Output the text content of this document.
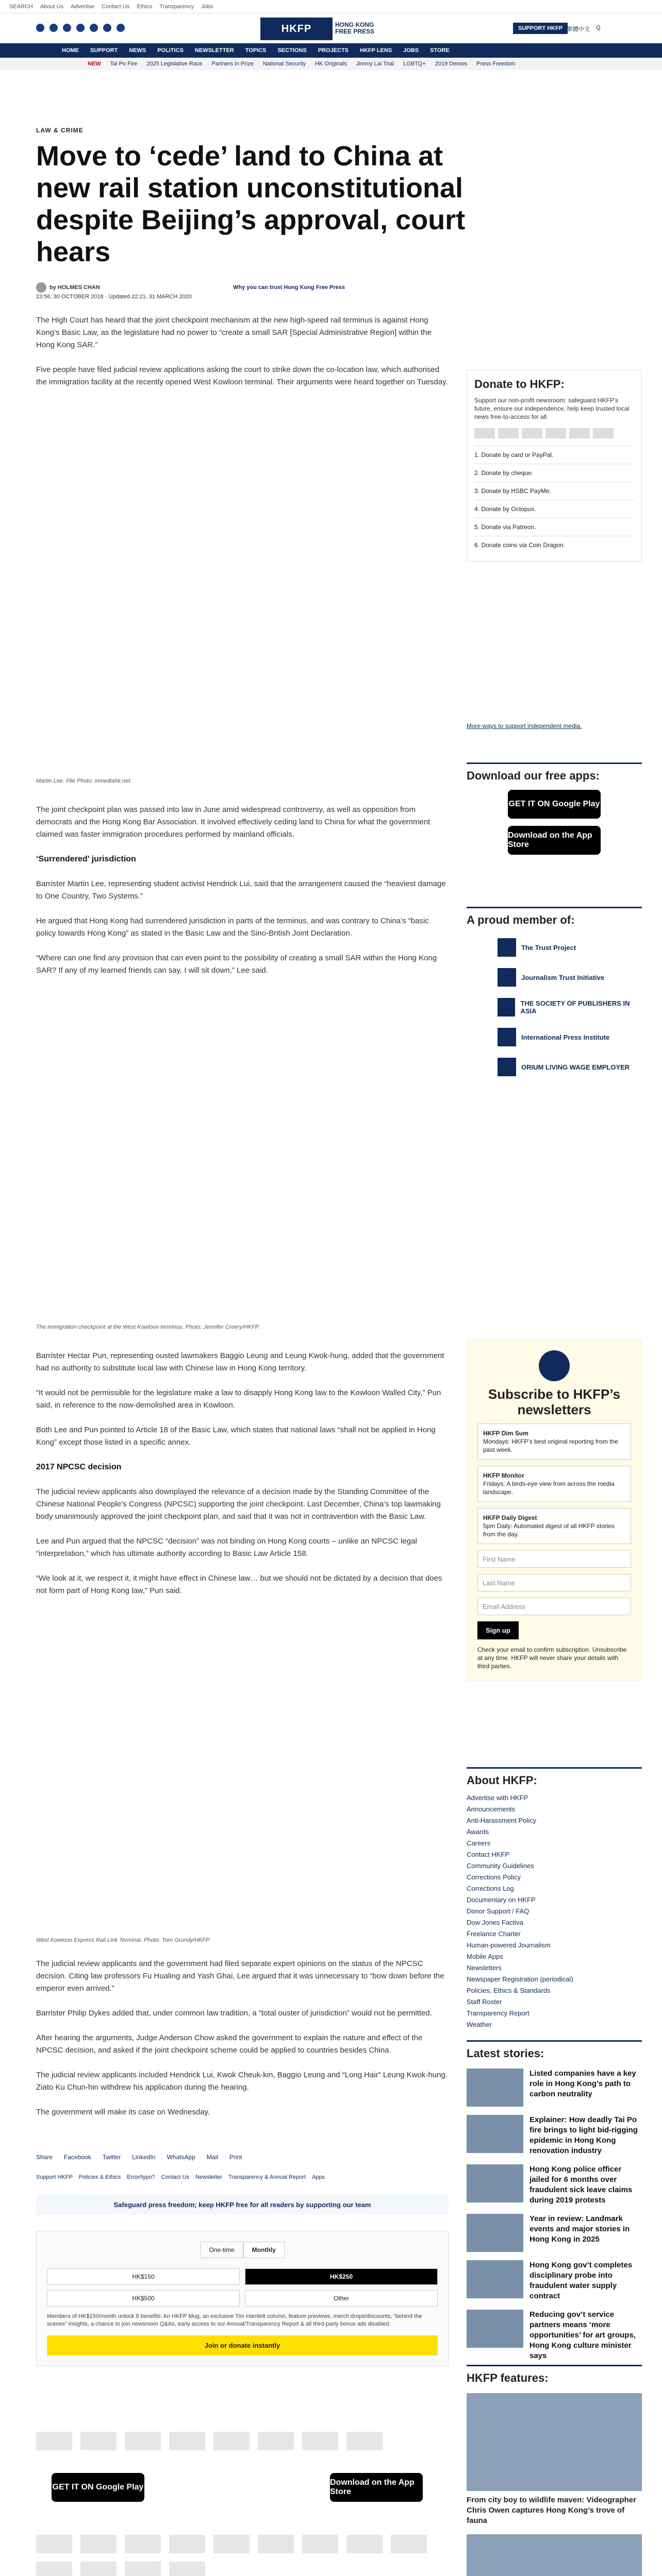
SEARCH About Us Advertise Contact Us Ethics Transparency Jobs
HKFP	HONG KONG
FREE PRESS	SUPPORT HKFP 繁體中文 Q
HOME SUPPORT NEWS POLITICS NEWSLETTER TOPICS SECTIONS PROJECTS HKFP LENS JOBS STORE
NEW Tai Po Fire 2025 Legislative Race Partners in Prize National Security HK Originals Jimmy Lai Trial LGBTQ+ 2019 Demos Press Freedom
LAW & CRIME
Move to ‘cede’ land to China at new rail station unconstitutional despite Beijing’s approval, court hears
by HOLMES CHAN
23:56, 30 OCTOBER 2018 · Updated 22:21, 31 MARCH 2020
Why you can trust Hong Kong Free Press

The High Court has heard that the joint checkpoint mechanism at the new high-speed rail terminus is against Hong Kong’s Basic Law, as the legislature had no power to “create a small SAR [Special Administrative Region] within the Hong Kong SAR.”

Five people have filed judicial review applications asking the court to strike down the co-location law, which authorised the immigration facility at the recently opened West Kowloon terminal. Their arguments were heard together on Tuesday.

Martin Lee. File Photo: inmediahk.net.

The joint checkpoint plan was passed into law in June amid widespread controversy, as well as opposition from democrats and the Hong Kong Bar Association. It involved effectively ceding land to China for what the government claimed was faster immigration procedures performed by mainland officials.

‘Surrendered’ jurisdiction

Barrister Martin Lee, representing student activist Hendrick Lui, said that the arrangement caused the “heaviest damage to One Country, Two Systems.”

He argued that Hong Kong had surrendered jurisdiction in parts of the terminus, and was contrary to China’s “basic policy towards Hong Kong” as stated in the Basic Law and the Sino-British Joint Declaration.

“Where can one find any provision that can even point to the possibility of creating a small SAR within the Hong Kong SAR? If any of my learned friends can say, I will sit down,” Lee said.

The immigration checkpoint at the West Kowloon terminus. Photo: Jennifer Creery/HKFP.

Barrister Hectar Pun, representing ousted lawmakers Baggio Leung and Leung Kwok-hung, added that the government had no authority to substitute local law with Chinese law in Hong Kong territory.

“It would not be permissible for the legislature make a law to disapply Hong Kong law to the Kowloon Walled City,” Pun said, in reference to the now-demolished area in Kowloon.

Both Lee and Pun pointed to Article 18 of the Basic Law, which states that national laws “shall not be applied in Hong Kong” except those listed in a specific annex.

2017 NPCSC decision

The judicial review applicants also downplayed the relevance of a decision made by the Standing Committee of the Chinese National People’s Congress (NPCSC) supporting the joint checkpoint. Last December, China’s top lawmaking body unanimously approved the joint checkpoint plan, and said that it was not in contravention with the Basic Law.

Lee and Pun argued that the NPCSC “decision” was not binding on Hong Kong courts – unlike an NPCSC legal “interpretation,” which has ultimate authority according to Basic Law Article 158.

“We look at it, we respect it, it might have effect in Chinese law… but we should not be dictated by a decision that does not form part of Hong Kong law,” Pun said.

West Kowloon Express Rail Link Terminal. Photo: Tom Grundy/HKFP.

The judicial review applicants and the government had filed separate expert opinions on the status of the NPCSC decision. Citing law professors Fu Hualing and Yash Ghai, Lee argued that it was unnecessary to “bow down before the emperor even arrived.”

Barrister Philip Dykes added that, under common law tradition, a “total ouster of jurisdiction” would not be permitted.

After hearing the arguments, Judge Anderson Chow asked the government to explain the nature and effect of the NPCSC decision, and asked if the joint checkpoint scheme could be applied to countries besides China.

The judicial review applicants included Hendrick Lui, Kwok Cheuk-kin, Baggio Leung and “Long Hair” Leung Kwok-hung. Ziato Ku Chun-hin withdrew his application during the hearing.

The government will make its case on Wednesday.

Share Facebook Twitter LinkedIn WhatsApp Mail Print
Support HKFP Policies & Ethics Error/typo? Contact Us Newsletter Transparency & Annual Report Apps
Safeguard press freedom; keep HKFP free for all readers by supporting our team
One-time	Monthly
HK$150	HK$250
HK$500	Other
Members of HK$150/month unlock 8 benefits: An HKFP Mug, an exclusive Tim Hamlett column, feature previews, merch drops/discounts, “behind the scenes” insights, a chance to join newsroom Q&As, early access to our Annual/Transparency Report & all third-party bonus ads disabled.
Join or donate instantly
GET IT ON Google Play
Download on the App Store
Donate to HKFP:

Support our non-profit newsroom: safeguard HKFP’s future, ensure our independence, help keep trusted local news free-to-access for all.

1. Donate by card or PayPal.
2. Donate by cheque.
3. Donate by HSBC PayMe.
4. Donate by Octopus.
5. Donate via Patreon.
6. Donate coins via Coin Dragon.
More ways to support independent media.
Download our free apps:
GET IT ON Google Play
Download on the App Store
A proud member of:
The Trust Project
Journalism Trust Initiative
THE SOCIETY OF PUBLISHERS IN ASIA
International Press Institute
ORIUM LIVING WAGE EMPLOYER
Subscribe to HKFP’s newsletters
HKFP Dim Sum
Mondays: HKFP’s best original reporting from the past week.
HKFP Monitor
Fridays: A birds-eye view from across the media landscape.
HKFP Daily Digest
5pm Daily: Automated digest of all HKFP stories from the day.
First Name
Last Name
Email Address
Sign up

Check your email to confirm subscription. Unsubscribe at any time. HKFP will never share your details with third parties.

About HKFP:
Advertise with HKFP
Announcements
Anti-Harassment Policy
Awards
Careers
Contact HKFP
Community Guidelines
Corrections Policy
Corrections Log
Documentary on HKFP
Donor Support / FAQ
Dow Jones Factiva
Freelance Charter
Human-powered Journalism
Mobile Apps
Newsletters
Newspaper Registration (periodical)
Policies, Ethics & Standards
Staff Roster
Transparency Report
Weather
Latest stories:
Listed companies have a key role in Hong Kong’s path to carbon neutrality
Explainer: How deadly Tai Po fire brings to light bid-rigging epidemic in Hong Kong renovation industry
Hong Kong police officer jailed for 6 months over fraudulent sick leave claims during 2019 protests
Year in review: Landmark events and major stories in Hong Kong in 2025
Hong Kong gov’t completes disciplinary probe into fraudulent water supply contract
Reducing gov’t service partners means ‘more opportunities’ for art groups, Hong Kong culture minister says
HKFP features:
From city boy to wildlife maven: Videographer Chris Owen captures Hong Kong’s trove of fauna
